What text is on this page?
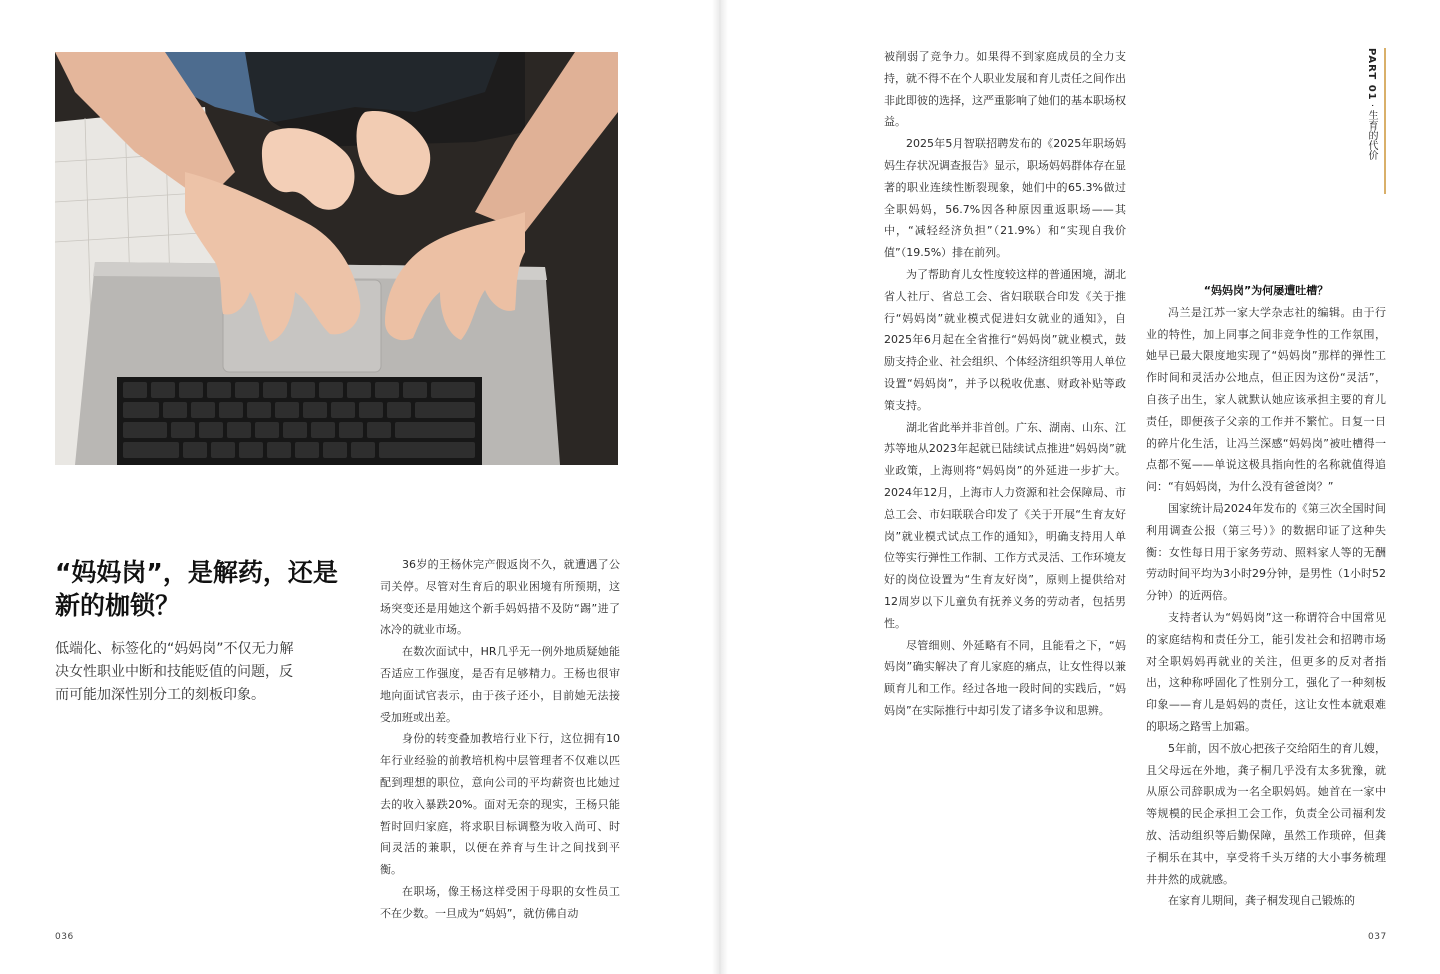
“妈妈岗”，是解药，还是新的枷锁？
低端化、标签化的“妈妈岗”不仅无力解决女性职业中断和技能贬值的问题，反而可能加深性别分工的刻板印象。

36岁的王杨休完产假返岗不久，就遭遇了公司关停。尽管对生育后的职业困境有所预期，这场突变还是用她这个新手妈妈措不及防“踢”进了冰冷的就业市场。

在数次面试中，HR几乎无一例外地质疑她能否适应工作强度，是否有足够精力。王杨也很审地向面试官表示，由于孩子还小，目前她无法接受加班或出差。

身份的转变叠加教培行业下行，这位拥有10年行业经验的前教培机构中层管理者不仅难以匹配到理想的职位，意向公司的平均薪资也比她过去的收入暴跌20%。面对无奈的现实，王杨只能暂时回归家庭，将求职目标调整为收入尚可、时间灵活的兼职，以便在养育与生计之间找到平衡。

在职场，像王杨这样受困于母职的女性员工不在少数。一旦成为“妈妈”，就仿佛自动

036

被削弱了竞争力。如果得不到家庭成员的全力支持，就不得不在个人职业发展和育儿责任之间作出非此即彼的选择，这严重影响了她们的基本职场权益。

2025年5月智联招聘发布的《2025年职场妈妈生存状况调查报告》显示，职场妈妈群体存在显著的职业连续性断裂现象，她们中的65.3%做过全职妈妈，56.7%因各种原因重返职场——其中，“减轻经济负担”（21.9%）和“实现自我价值”（19.5%）排在前列。

为了帮助育儿女性度较这样的普通困境，湖北省人社厅、省总工会、省妇联联合印发《关于推行“妈妈岗”就业模式促进妇女就业的通知》，自2025年6月起在全省推行“妈妈岗”就业模式，鼓励支持企业、社会组织、个体经济组织等用人单位设置“妈妈岗”，并予以税收优惠、财政补贴等政策支持。

湖北省此举并非首创。广东、湖南、山东、江苏等地从2023年起就已陆续试点推进“妈妈岗”就业政策，上海则将“妈妈岗”的外延进一步扩大。2024年12月，上海市人力资源和社会保障局、市总工会、市妇联联合印发了《关于开展“生育友好岗”就业模式试点工作的通知》，明确支持用人单位等实行弹性工作制、工作方式灵活、工作环境友好的岗位设置为“生育友好岗”，原则上提供给对12周岁以下儿童负有抚养义务的劳动者，包括男性。

尽管细则、外延略有不同，且能看之下，“妈妈岗”确实解决了育儿家庭的痛点，让女性得以兼顾育儿和工作。经过各地一段时间的实践后，“妈妈岗”在实际推行中却引发了诸多争议和思辨。

“妈妈岗”为何屡遭吐槽？

冯兰是江苏一家大学杂志社的编辑。由于行业的特性，加上同事之间非竞争性的工作氛围，她早已最大限度地实现了“妈妈岗”那样的弹性工作时间和灵活办公地点，但正因为这份“灵活”，自孩子出生，家人就默认她应该承担主要的育儿责任，即便孩子父亲的工作并不繁忙。日复一日的碎片化生活，让冯兰深感“妈妈岗”被吐槽得一点都不冤——单说这极具指向性的名称就值得追问：“有妈妈岗，为什么没有爸爸岗？”

国家统计局2024年发布的《第三次全国时间利用调查公报（第三号）》的数据印证了这种失衡：女性每日用于家务劳动、照料家人等的无酬劳动时间平均为3小时29分钟，是男性（1小时52分钟）的近两倍。

支持者认为“妈妈岗”这一称谓符合中国常见的家庭结构和责任分工，能引发社会和招聘市场对全职妈妈再就业的关注，但更多的反对者指出，这种称呼固化了性别分工，强化了一种刻板印象——育儿是妈妈的责任，这让女性本就艰难的职场之路雪上加霜。

5年前，因不放心把孩子交给陌生的育儿嫂，且父母远在外地，龚子桐几乎没有太多犹豫，就从原公司辞职成为一名全职妈妈。她首在一家中等规模的民企承担工会工作，负责全公司福利发放、活动组织等后勤保障，虽然工作琐碎，但龚子桐乐在其中，享受将千头万绪的大小事务梳理井井然的成就感。

在家育儿期间，龚子桐发现自己锻炼的

PART 01 · 生育的代价
037
